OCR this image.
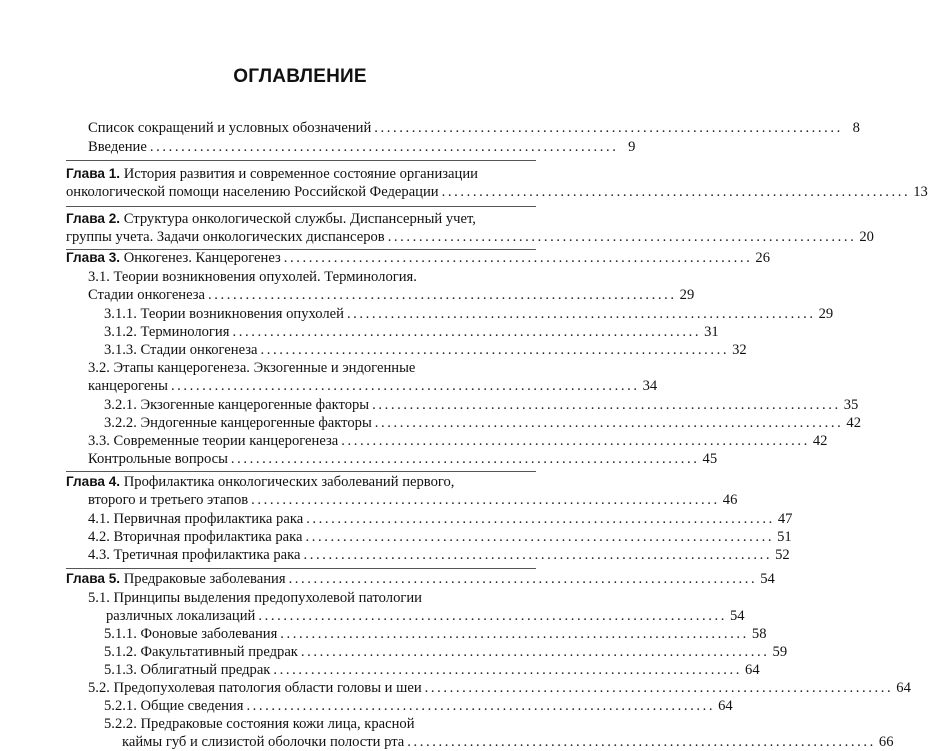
ОГЛАВЛЕНИЕ
Список сокращений и условных обозначений ........................................................................... 8
Введение ........................................................................... 9
Глава 1. История развития и современное состояние организации
онкологической помощи населению Российской Федерации ........................................................................... 13
Глава 2. Структура онкологической службы. Диспансерный учет,
группы учета. Задачи онкологических диспансеров ........................................................................... 20
Глава 3. Онкогенез. Канцерогенез ........................................................................... 26
3.1. Теории возникновения опухолей. Терминология.
Стадии онкогенеза ........................................................................... 29
3.1.1. Теории возникновения опухолей ........................................................................... 29
3.1.2. Терминология ........................................................................... 31
3.1.3. Стадии онкогенеза ........................................................................... 32
3.2. Этапы канцерогенеза. Экзогенные и эндогенные
канцерогены ........................................................................... 34
3.2.1. Экзогенные канцерогенные факторы ........................................................................... 35
3.2.2. Эндогенные канцерогенные факторы ........................................................................... 42
3.3. Современные теории канцерогенеза ........................................................................... 42
Контрольные вопросы ........................................................................... 45
Глава 4. Профилактика онкологических заболеваний первого,
второго и третьего этапов ........................................................................... 46
4.1. Первичная профилактика рака ........................................................................... 47
4.2. Вторичная профилактика рака ........................................................................... 51
4.3. Третичная профилактика рака ........................................................................... 52
Глава 5. Предраковые заболевания ........................................................................... 54
5.1. Принципы выделения предопухолевой патологии
различных локализаций ........................................................................... 54
5.1.1. Фоновые заболевания ........................................................................... 58
5.1.2. Факультативный предрак ........................................................................... 59
5.1.3. Облигатный предрак ........................................................................... 64
5.2. Предопухолевая патология области головы и шеи ........................................................................... 64
5.2.1. Общие сведения ........................................................................... 64
5.2.2. Предраковые состояния кожи лица, красной
каймы губ и слизистой оболочки полости рта ........................................................................... 66
